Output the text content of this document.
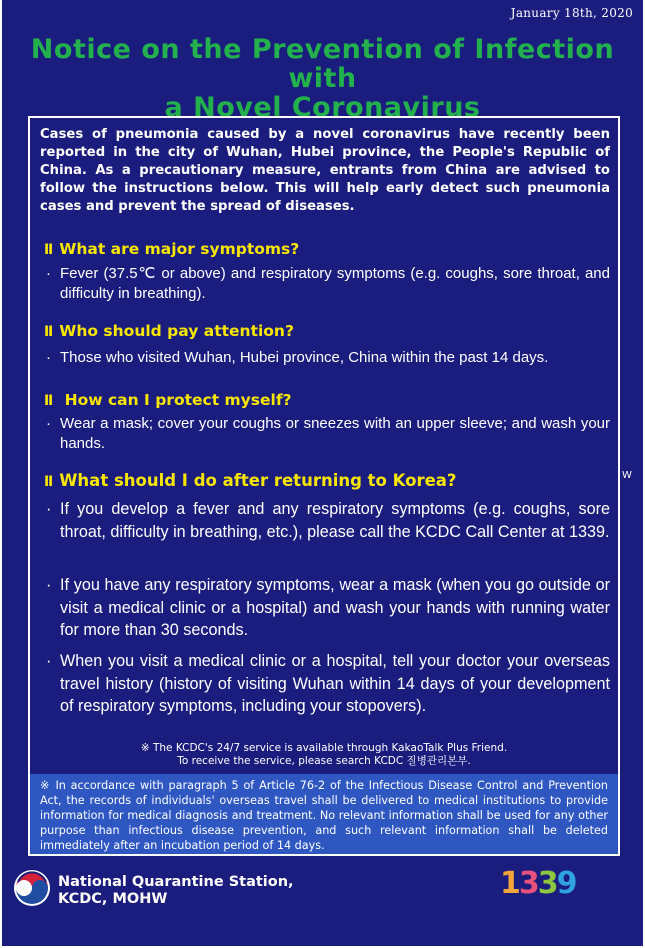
Notice on the Prevention of Infection with
a Novel Coronavirus
Cases of pneumonia caused by a novel coronavirus have recently been reported in the city of Wuhan, Hubei province, the People's Republic of China. As a precautionary measure, entrants from China are advised to follow the instructions below. This will help early detect such pneumonia cases and prevent the spread of diseases.
Ⅱ What are major symptoms?
· Fever (37.5℃ or above) and respiratory symptoms (e.g. coughs, sore throat, and difficulty in breathing).
Ⅱ Who should pay attention?
· Those who visited Wuhan, Hubei province, China within the past 14 days.
Ⅱ How can I protect myself?
· Wear a mask; cover your coughs or sneezes with an upper sleeve; and wash your hands.
Ⅱ What should I do after returning to Korea?
· If you develop a fever and any respiratory symptoms (e.g. coughs, sore throat, difficulty in breathing, etc.), please call the KCDC Call Center at 1339.
· If you have any respiratory symptoms, wear a mask (when you go outside or visit a medical clinic or a hospital) and wash your hands with running water for more than 30 seconds.
· When you visit a medical clinic or a hospital, tell your doctor your overseas travel history (history of visiting Wuhan within 14 days of your development of respiratory symptoms, including your stopovers).
※ The KCDC's 24/7 service is available through KakaoTalk Plus Friend.
To receive the service, please search KCDC 질병관리본부.
※ In accordance with paragraph 5 of Article 76-2 of the Infectious Disease Control and Prevention Act, the records of individuals' overseas travel shall be delivered to medical institutions to provide information for medical diagnosis and treatment. No relevant information shall be used for any other purpose than infectious disease prevention, and such relevant information shall be deleted immediately after an incubation period of 14 days.
National Quarantine Station,
KCDC, MOHW	1339
January 18th, 2020
W
